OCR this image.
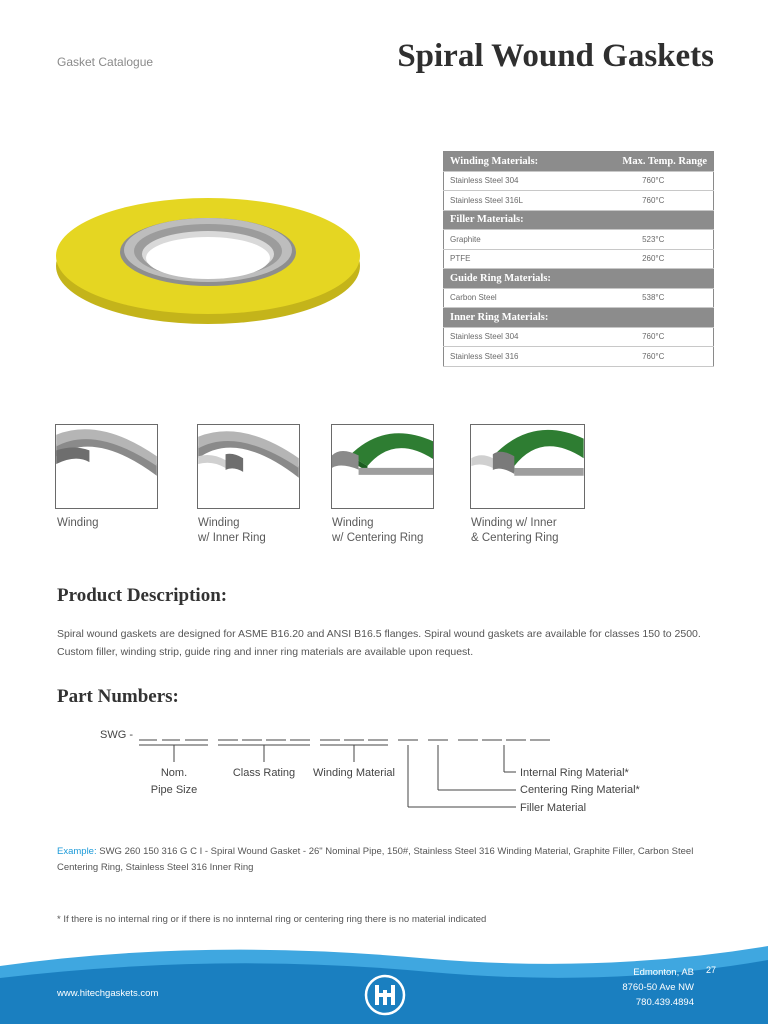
Gasket Catalogue	Spiral Wound Gaskets
Winding Materials:	Max. Temp. Range
Stainless Steel 304	760°C
Stainless Steel 316L	760°C
Filler Materials:	
Graphite	523°C
PTFE	260°C
Guide Ring Materials:	
Carbon Steel	538°C
Inner Ring Materials:	
Stainless Steel 304	760°C
Stainless Steel 316	760°C
Winding	Winding
w/ Inner Ring
Winding
w/ Centering Ring
Winding w/ Inner
& Centering Ring
Product Description:
Spiral wound gaskets are designed for ASME B16.20 and ANSI B16.5 flanges. Spiral wound gaskets are available for classes 150 to 2500. Custom filler, winding strip, guide ring and inner ring materials are available upon request.
Part Numbers:
SWG -
Nom.
Pipe Size
Class Rating Winding Material	Internal Ring Material*
Centering Ring Material*
Filler Material
Example: SWG 260 150 316 G C I - Spiral Wound Gasket - 26" Nominal Pipe, 150#, Stainless Steel 316 Winding Material, Graphite Filler, Carbon Steel Centering Ring, Stainless Steel 316 Inner Ring
* If there is no internal ring or if there is no innternal ring or centering ring there is no material indicated
www.hitechgaskets.com
Edmonton, AB
8760-50 Ave NW
780.439.4894
27
